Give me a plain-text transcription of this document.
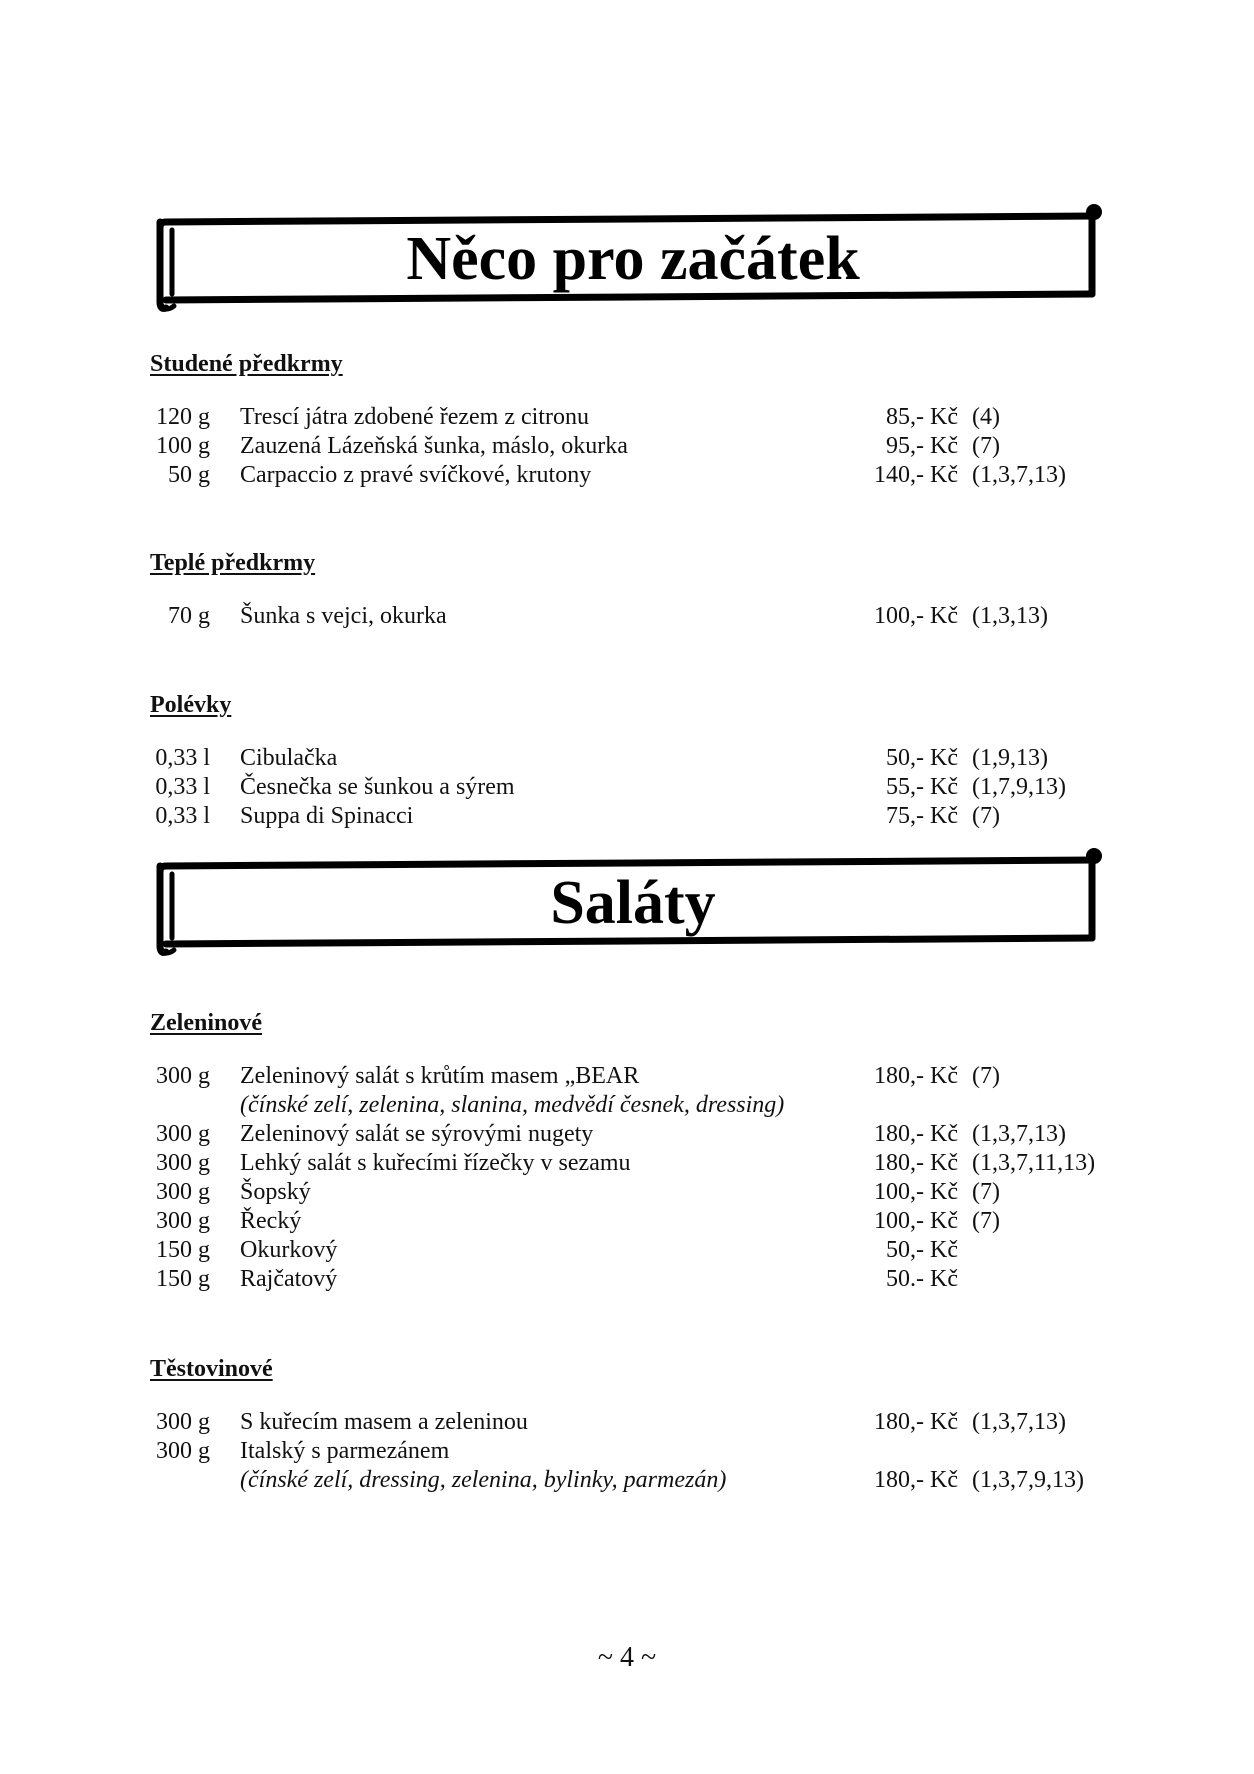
Něco pro začátek
Studené předkrmy
120 g Trescí játra zdobené řezem z citronu	85,- Kč (4)
100 g Zauzená Lázeňská šunka, máslo, okurka	95,- Kč (7)
50 g Carpaccio z pravé svíčkové, krutony	140,- Kč (1,3,7,13)
Teplé předkrmy
70 g Šunka s vejci, okurka	100,- Kč (1,3,13)
Polévky
0,33 l Cibulačka	50,- Kč (1,9,13)
0,33 l Česnečka se šunkou a sýrem	55,- Kč (1,7,9,13)
0,33 l Suppa di Spinacci	75,- Kč (7)
Saláty
Zeleninové
300 g Zeleninový salát s krůtím masem „BEAR	180,- Kč (7)
(čínské zelí, zelenina, slanina, medvědí česnek, dressing)
300 g Zeleninový salát se sýrovými nugety	180,- Kč (1,3,7,13)
300 g Lehký salát s kuřecími řízečky v sezamu	180,- Kč (1,3,7,11,13)
300 g Šopský	100,- Kč (7)
300 g Řecký	100,- Kč (7)
150 g Okurkový	50,- Kč
150 g Rajčatový	50.- Kč
Těstovinové
300 g S kuřecím masem a zeleninou	180,- Kč (1,3,7,13)
300 g Italský s parmezánem
(čínské zelí, dressing, zelenina, bylinky, parmezán)	180,- Kč (1,3,7,9,13)
~ 4 ~
